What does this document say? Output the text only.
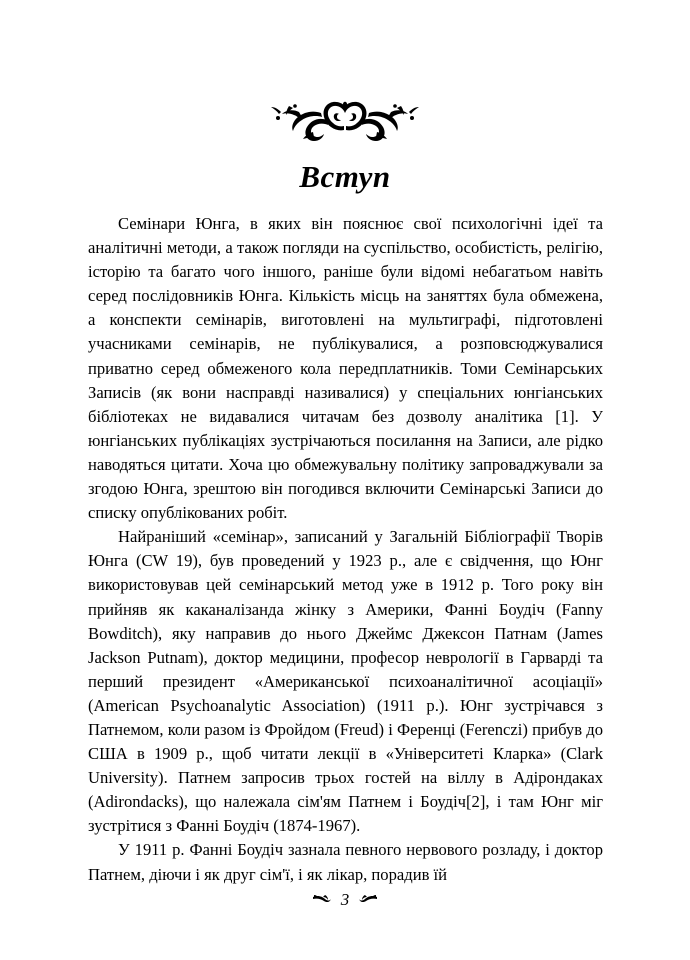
Вступ

Семінари Юнга, в яких він пояснює свої психологічні ідеї та аналітичні методи, а також погляди на суспільство, особистість, релігію, історію та багато чого іншого, раніше були відомі небагатьом навіть серед послідовників Юнга. Кількість місць на заняттях була обмежена, а конспекти семінарів, виготовлені на мультиграфі, підготовлені учасниками семінарів, не публікувалися, а розповсюджувалися приватно серед обмеженого кола передплатників. Томи Семінарських Записів (як вони насправді називалися) у спеціальних юнгіанських бібліотеках не видавалися читачам без дозволу аналітика [1]. У юнгіанських публікаціях зустрічаються посилання на Записи, але рідко наводяться цитати. Хоча цю обмежувальну політику запроваджували за згодою Юнга, зрештою він погодився включити Семінарські Записи до списку опублікованих робіт.

Найраніший «семінар», записаний у Загальній Бібліографії Творів Юнга (CW 19), був проведений у 1923 р., але є свідчення, що Юнг використовував цей семінарський метод уже в 1912 р. Того року він прийняв як каканалізанда жінку з Америки, Фанні Боудіч (Fanny Bowditch), яку направив до нього Джеймс Джексон Патнам (James Jackson Putnam), доктор медицини, професор неврології в Гарварді та перший президент «Американської психоаналітичної асоціації» (American Psychoanalytic Association) (1911 р.). Юнг зустрічався з Патнемом, коли разом із Фройдом (Freud) і Ференці (Ferenczi) прибув до США в 1909 р., щоб читати лекції в «Університеті Кларка» (Clark University). Патнем запросив трьох гостей на віллу в Адірондаках (Adirondacks), що належала сім'ям Патнем і Боудіч[2], і там Юнг міг зустрітися з Фанні Боудіч (1874-1967).

У 1911 р. Фанні Боудіч зазнала певного нервового розладу, і доктор Патнем, діючи і як друг сім'ї, і як лікар, порадив їй

3
